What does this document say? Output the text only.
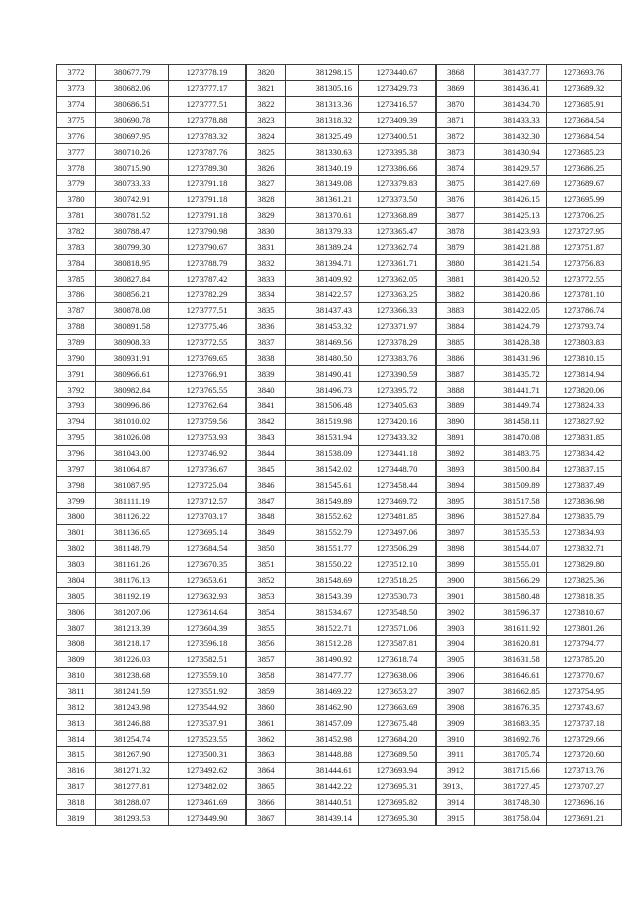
3772	380677.79	1273778.19
3773	380682.06	1273777.17
3774	380686.51	1273777.51
3775	380690.78	1273778.88
3776	380697.95	1273783.32
3777	380710.26	1273787.76
3778	380715.90	1273789.30
3779	380733.33	1273791.18
3780	380742.91	1273791.18
3781	380781.52	1273791.18
3782	380788.47	1273790.98
3783	380799.30	1273790.67
3784	380818.95	1273788.79
3785	380827.84	1273787.42
3786	380856.21	1273782.29
3787	380878.08	1273777.51
3788	380891.58	1273775.46
3789	380908.33	1273772.55
3790	380931.91	1273769.65
3791	380966.61	1273766.91
3792	380982.84	1273765.55
3793	380996.86	1273762.64
3794	381010.02	1273759.56
3795	381026.08	1273753.93
3796	381043.00	1273746.92
3797	381064.87	1273736.67
3798	381087.95	1273725.04
3799	381111.19	1273712.57
3800	381126.22	1273703.17
3801	381136.65	1273695.14
3802	381148.79	1273684.54
3803	381161.26	1273670.35
3804	381176.13	1273653.61
3805	381192.19	1273632.93
3806	381207.06	1273614.64
3807	381213.39	1273604.39
3808	381218.17	1273596.18
3809	381226.03	1273582.51
3810	381238.68	1273559.10
3811	381241.59	1273551.92
3812	381243.98	1273544.92
3813	381246.88	1273537.91
3814	381254.74	1273523.55
3815	381267.90	1273500.31
3816	381271.32	1273492.62
3817	381277.81	1273482.02
3818	381288.07	1273461.69
3819	381293.53	1273449.90
3820	381298.15	1273440.67
3821	381305.16	1273429.73
3822	381313.36	1273416.57
3823	381318.32	1273409.39
3824	381325.49	1273400.51
3825	381330.63	1273395.38
3826	381340.19	1273386.66
3827	381349.08	1273379.83
3828	381361.21	1273373.50
3829	381370.61	1273368.89
3830	381379.33	1273365.47
3831	381389.24	1273362.74
3832	381394.71	1273361.71
3833	381409.92	1273362.05
3834	381422.57	1273363.25
3835	381437.43	1273366.33
3836	381453.32	1273371.97
3837	381469.56	1273378.29
3838	381480.50	1273383.76
3839	381490.41	1273390.59
3840	381496.73	1273395.72
3841	381506.48	1273405.63
3842	381519.98	1273420.16
3843	381531.94	1273433.32
3844	381538.09	1273441.18
3845	381542.02	1273448.70
3846	381545.61	1273458.44
3847	381549.89	1273469.72
3848	381552.62	1273481.85
3849	381552.79	1273497.06
3850	381551.77	1273506.29
3851	381550.22	1273512.10
3852	381548.69	1273518.25
3853	381543.39	1273530.73
3854	381534.67	1273548.50
3855	381522.71	1273571.06
3856	381512.28	1273587.81
3857	381490.92	1273618.74
3858	381477.77	1273638.06
3859	381469.22	1273653.27
3860	381462.90	1273663.69
3861	381457.09	1273675.48
3862	381452.98	1273684.20
3863	381448.88	1273689.50
3864	381444.61	1273693.94
3865	381442.22	1273695.31
3866	381440.51	1273695.82
3867	381439.14	1273695.30
3868	381437.77	1273693.76
3869	381436.41	1273689.32
3870	381434.70	1273685.91
3871	381433.33	1273684.54
3872	381432.30	1273684.54
3873	381430.94	1273685.23
3874	381429.57	1273686.25
3875	381427.69	1273689.67
3876	381426.15	1273695.99
3877	381425.13	1273706.25
3878	381423.93	1273727.95
3879	381421.88	1273751.87
3880	381421.54	1273756.83
3881	381420.52	1273772.55
3882	381420.86	1273781.10
3883	381422.05	1273786.74
3884	381424.79	1273793.74
3885	381428.38	1273803.83
3886	381431.96	1273810.15
3887	381435.72	1273814.94
3888	381441.71	1273820.06
3889	381449.74	1273824.33
3890	381458.11	1273827.92
3891	381470.08	1273831.85
3892	381483.75	1273834.42
3893	381500.84	1273837.15
3894	381509.89	1273837.49
3895	381517.58	1273836.98
3896	381527.84	1273835.79
3897	381535.53	1273834.93
3898	381544.07	1273832.71
3899	381555.01	1273829.80
3900	381566.29	1273825.36
3901	381580.48	1273818.35
3902	381596.37	1273810.67
3903	381611.92	1273801.26
3904	381620.81	1273794.77
3905	381631.58	1273785.20
3906	381646.61	1273770.67
3907	381662.85	1273754.95
3908	381676.35	1273743.67
3909	381683.35	1273737.18
3910	381692.76	1273729.66
3911	381705.74	1273720.60
3912	381715.66	1273713.76
3913、	381727.45	1273707.27
3914	381748.30	1273696.16
3915	381758.04	1273691.21
